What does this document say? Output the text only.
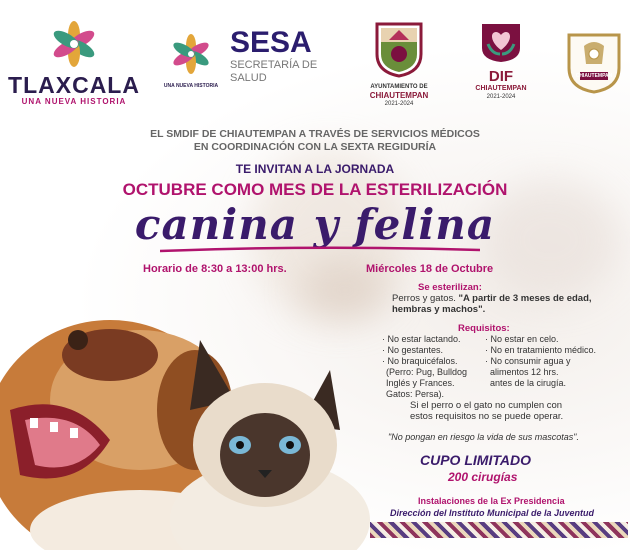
TLAXCALA
UNA NUEVA HISTORIA
UNA NUEVA HISTORIA
SESA
SECRETARÍA DE
SALUD
AYUNTAMIENTO DE
CHIAUTEMPAN
2021-2024
DIF
CHIAUTEMPAN
2021-2024
CHIAUTEMPAN
EL SMDIF DE CHIAUTEMPAN A TRAVÉS DE SERVICIOS MÉDICOS
EN COORDINACIÓN CON LA SEXTA REGIDURÍA
TE INVITAN A LA JORNADA
OCTUBRE COMO MES DE LA ESTERILIZACIÓN
canina y felina
Horario de 8:30 a 13:00 hrs.	Miércoles 18 de Octubre
Se esterilizan:
Perros y gatos. "A partir de 3 meses de edad,
hembras y machos".
Requisitos:
· No estar lactando.
· No gestantes.
· No braquicéfalos.
(Perro: Pug, Bulldog
Inglés y Frances.
Gatos: Persa).
· No estar en celo.
· No en tratamiento médico.
· No consumir agua y
alimentos 12 hrs.
antes de la cirugía.
Si el perro o el gato no cumplen con
estos requisitos no se puede operar.
"No pongan en riesgo la vida de sus mascotas".
CUPO LIMITADO
200 cirugías
Instalaciones de la Ex Presidencia
Dirección del Instituto Municipal de la Juventud
